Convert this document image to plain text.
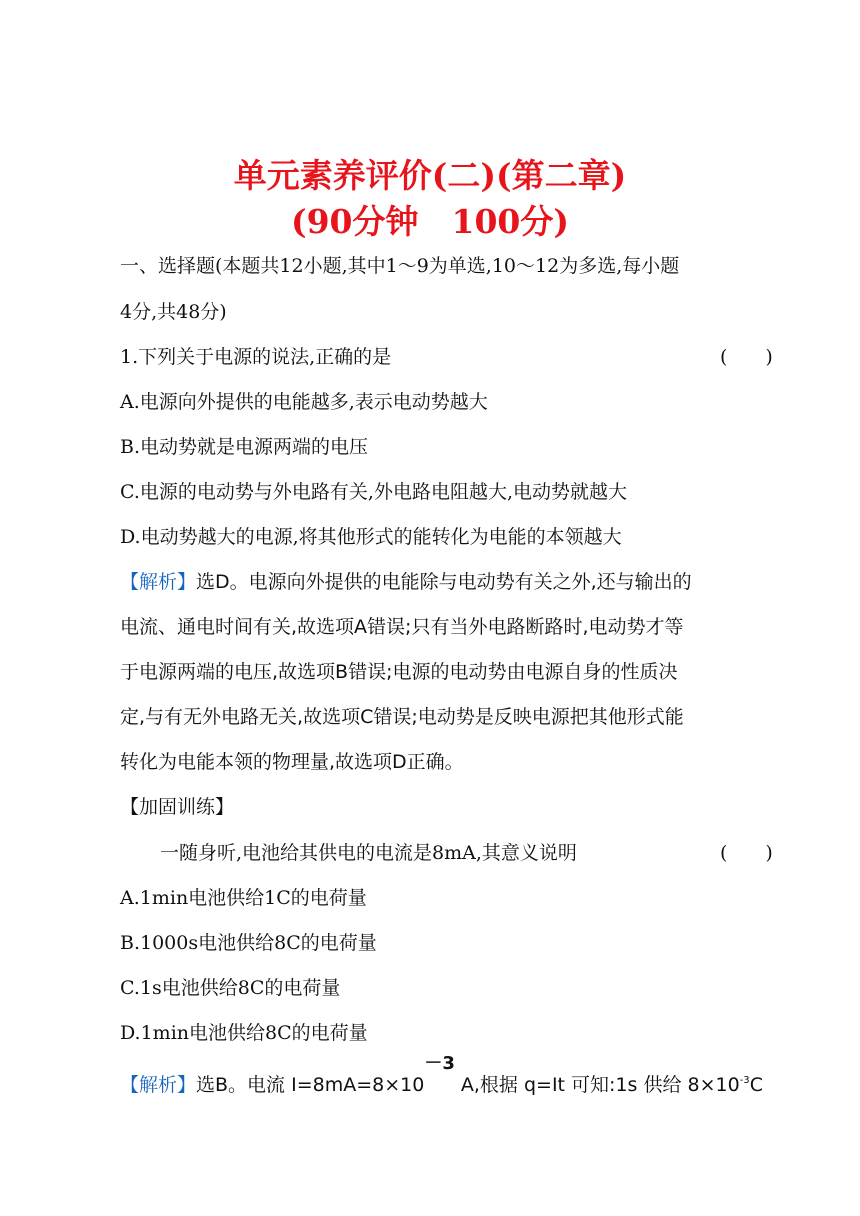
单元素养评价(二)(第二章)
(90分钟　100分)
一、选择题(本题共12小题,其中1～9为单选,10～12为多选,每小题
4分,共48分)
1.下列关于电源的说法,正确的是	(　　)
A.电源向外提供的电能越多,表示电动势越大
B.电动势就是电源两端的电压
C.电源的电动势与外电路有关,外电路电阻越大,电动势就越大
D.电动势越大的电源,将其他形式的能转化为电能的本领越大
【解析】选D。电源向外提供的电能除与电动势有关之外,还与输出的
电流、通电时间有关,故选项A错误;只有当外电路断路时,电动势才等
于电源两端的电压,故选项B错误;电源的电动势由电源自身的性质决
定,与有无外电路无关,故选项C错误;电动势是反映电源把其他形式能
转化为电能本领的物理量,故选项D正确。
【加固训练】
一随身听,电池给其供电的电流是8mA,其意义说明	(　　)
A.1min电池供给1C的电荷量
B.1000s电池供给8C的电荷量
C.1s电池供给8C的电荷量
D.1min电池供给8C的电荷量
【解析】选B。电流 I=8mA=8×10－3 A,根据 q=It 可知:1s 供给 $8\times 10^{-3}C$
